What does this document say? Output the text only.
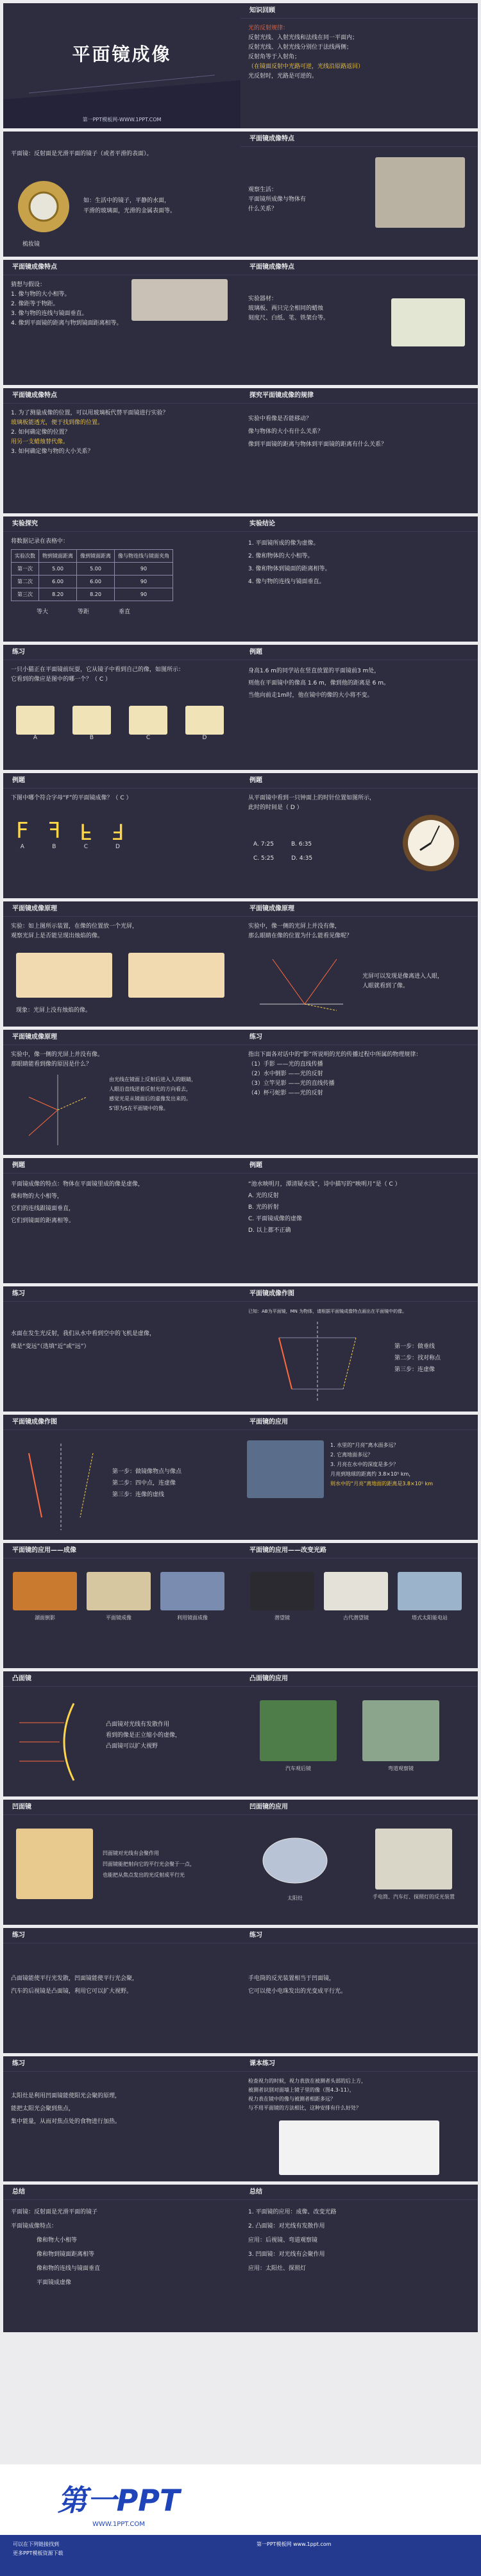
平面镜成像
第一PPT模板网-WWW.1PPT.COM
知识回顾
光的反射规律：
反射光线、入射光线和法线在同一平面内；
反射光线、入射光线分别位于法线两侧；
反射角等于入射角；
（在镜面反射中光路可逆，光线沿原路返回）
光反射时，光路是可逆的。
平面镜：反射面是光滑平面的镜子（或者平滑的表面）。
梳妆镜
如：生活中的镜子，平静的水面，
平滑的玻璃面，光滑的金属表面等。
平面镜成像特点
观察生活：
平面镜所成像与物体有
什么关系？
平面镜成像特点
猜想与假设：
1. 像与物的大小相等。
2. 像距等于物距。
3. 像与物的连线与镜面垂直。
4. 像到平面镜的距离与物到镜面距离相等。
平面镜成像特点
实验器材：
玻璃板、两只完全相同的蜡烛
刻度尺、白纸、笔、铁架台等。
平面镜成像特点
1. 为了测量成像的位置，可以用玻璃板代替平面镜进行实验？
玻璃板能透光，便于找到像的位置。
2. 如何确定像的位置？
用另一支蜡烛替代像。
3. 如何确定像与物的大小关系？
探究平面镜成像的规律
实验中看像是否能移动？
像与物体的大小有什么关系？
像到平面镜的距离与物体到平面镜的距离有什么关系？
实验探究
将数据记录在表格中：
实验次数	物到镜面距离	像到镜面距离	像与物连线与镜面夹角
第一次	5.00	5.00	90
第二次	6.00	6.00	90
第三次	8.20	8.20	90
等大	等距	垂直
实验结论
1. 平面镜所成的像为虚像。
2. 像和物体的大小相等。
3. 像和物体到镜面的距离相等。
4. 像与物的连线与镜面垂直。
练习
一只小猫正在平面镜前玩耍，它从镜子中看到自己的像，如图所示：
它看到的像应是图中的哪一个？（ C ）
A	B	C	D
例题
身高1.6 m的同学站在竖直放置的平面镜前3 m处，
则他在平面镜中的像高 1.6 m，像到他的距离是 6 m。
当他向前走1m时，他在镜中的像的大小将不变。
例题
下图中哪个符合字母“F”的平面镜成像？（ C ）
F
A
F
B
F
C
F
D
例题
从平面镜中看到一只钟面上的时针位置如图所示，
此时的时间是（ D ）
A. 7:25　　　	B. 6:35
C. 5:25　　　	D. 4:35
平面镜成像原理
实验：如上图所示装置，在像的位置放一个光屏，
观察光屏上是否能呈现出烛焰的像。
现象：光屏上没有烛焰的像。
平面镜成像原理
实验中，像一侧的光屏上并没有像，
那么眼睛在像的位置为什么能看见像呢？
光屏可以发现是像离进入人眼，
人眼就看到了像。
平面镜成像原理
实验中，像一侧的光屏上并没有像。
那眼睛能看到像的原因是什么？
由光线在镜面上反射后进入人的眼睛，
人眼沿直线逆着反射光的方向看去，
感觉光是从镜面后的虚像发出来的。
S’即为S在平面镜中的像。
练习
指出下面各对话中的“影”所说明的光的传播过程中所属的物理规律：
（1）手影 ——光的直线传播
（2）水中倒影 ——光的反射
（3）立竿见影 ——光的直线传播
（4）杯弓蛇影 ——光的反射
例题
平面镜成像的特点：物体在平面镜里成的像是虚像，
像和物的大小相等，
它们的连线跟镜面垂直，
它们到镜面的距离相等。
例题
“池水映明月，潭清疑水浅”，诗中描写的“映明月”是（ C ）
A. 光的反射
B. 光的折射
C. 平面镜成像的虚像
D. 以上都不正确
练习
水面在发生光反射，我们从水中看到空中的飞机是虚像，
像是“变远”（选填“近”或“远”）
平面镜成像作图
已知：AB为平面镜，MN 为物体，请根据平面镜成像特点画出在平面镜中的像。
第一步：做垂线
第二步：找对称点
第三步：连虚像
平面镜成像作图
第一步：做镜像物点与像点
第二步：四中点，连虚像
第三步：连像的虚线
平面镜的应用
1. 水里的“月亮”离水面多远？
2. 它离地面多远？
3. 月亮在水中的深度是多少？
月亮到地球的距离约 3.8×10⁵ km，
则水中的“月亮”离地面的距离是3.8×10⁵ km
平面镜的应用——成像
湖面倒影	平面镜成像	利用镜面成像
平面镜的应用——改变光路
潜望镜	古代潜望镜	塔式太阳能电站
凸面镜
凸面镜对光线有发散作用
看到的像是正立缩小的虚像，
凸面镜可以扩大视野
凸面镜的应用
汽车观后镜	弯道观察镜
凹面镜
凹面镜对光线有会聚作用
凹面镜能把射向它的平行光会聚于一点，
也能把从焦点发出的光反射成平行光
凹面镜的应用
太阳灶	手电筒、汽车灯、探照灯的反光装置
练习
凸面镜能使平行光发散，凹面镜能使平行光会聚，
汽车的后视镜是凸面镜，利用它可以扩大视野。
练习
手电筒的反光装置相当于凹面镜，
它可以使小电珠发出的光变成平行光。
练习
太阳灶是利用凹面镜能使阳光会聚的原理，
能把太阳光会聚到焦点，
集中能量，从而对焦点处的食物进行加热。
课本练习
检查视力的时候，视力表放在被测者头部的后上方，
被测者识别对面墙上镜子里的像（图4.3-11），
视力表在镜中的像与被测者相距多远？
与不用平面镜的方法相比，这种安排有什么好处？
总结
平面镜：反射面是光滑平面的镜子
平面镜成像特点：
像和物大小相等
像和物到镜面距离相等
像和物的连线与镜面垂直
平面镜成虚像
总结
1. 平面镜的应用：成像、改变光路
2. 凸面镜：对光线有发散作用
应用：后视镜、弯道观察镜
3. 凹面镜：对光线有会聚作用
应用：太阳灶、探照灯
第一PPT
WWW.1PPT.COM
可以在下列链接找到
更多PPT模板资源下载
第一PPT模板网 www.1ppt.com
